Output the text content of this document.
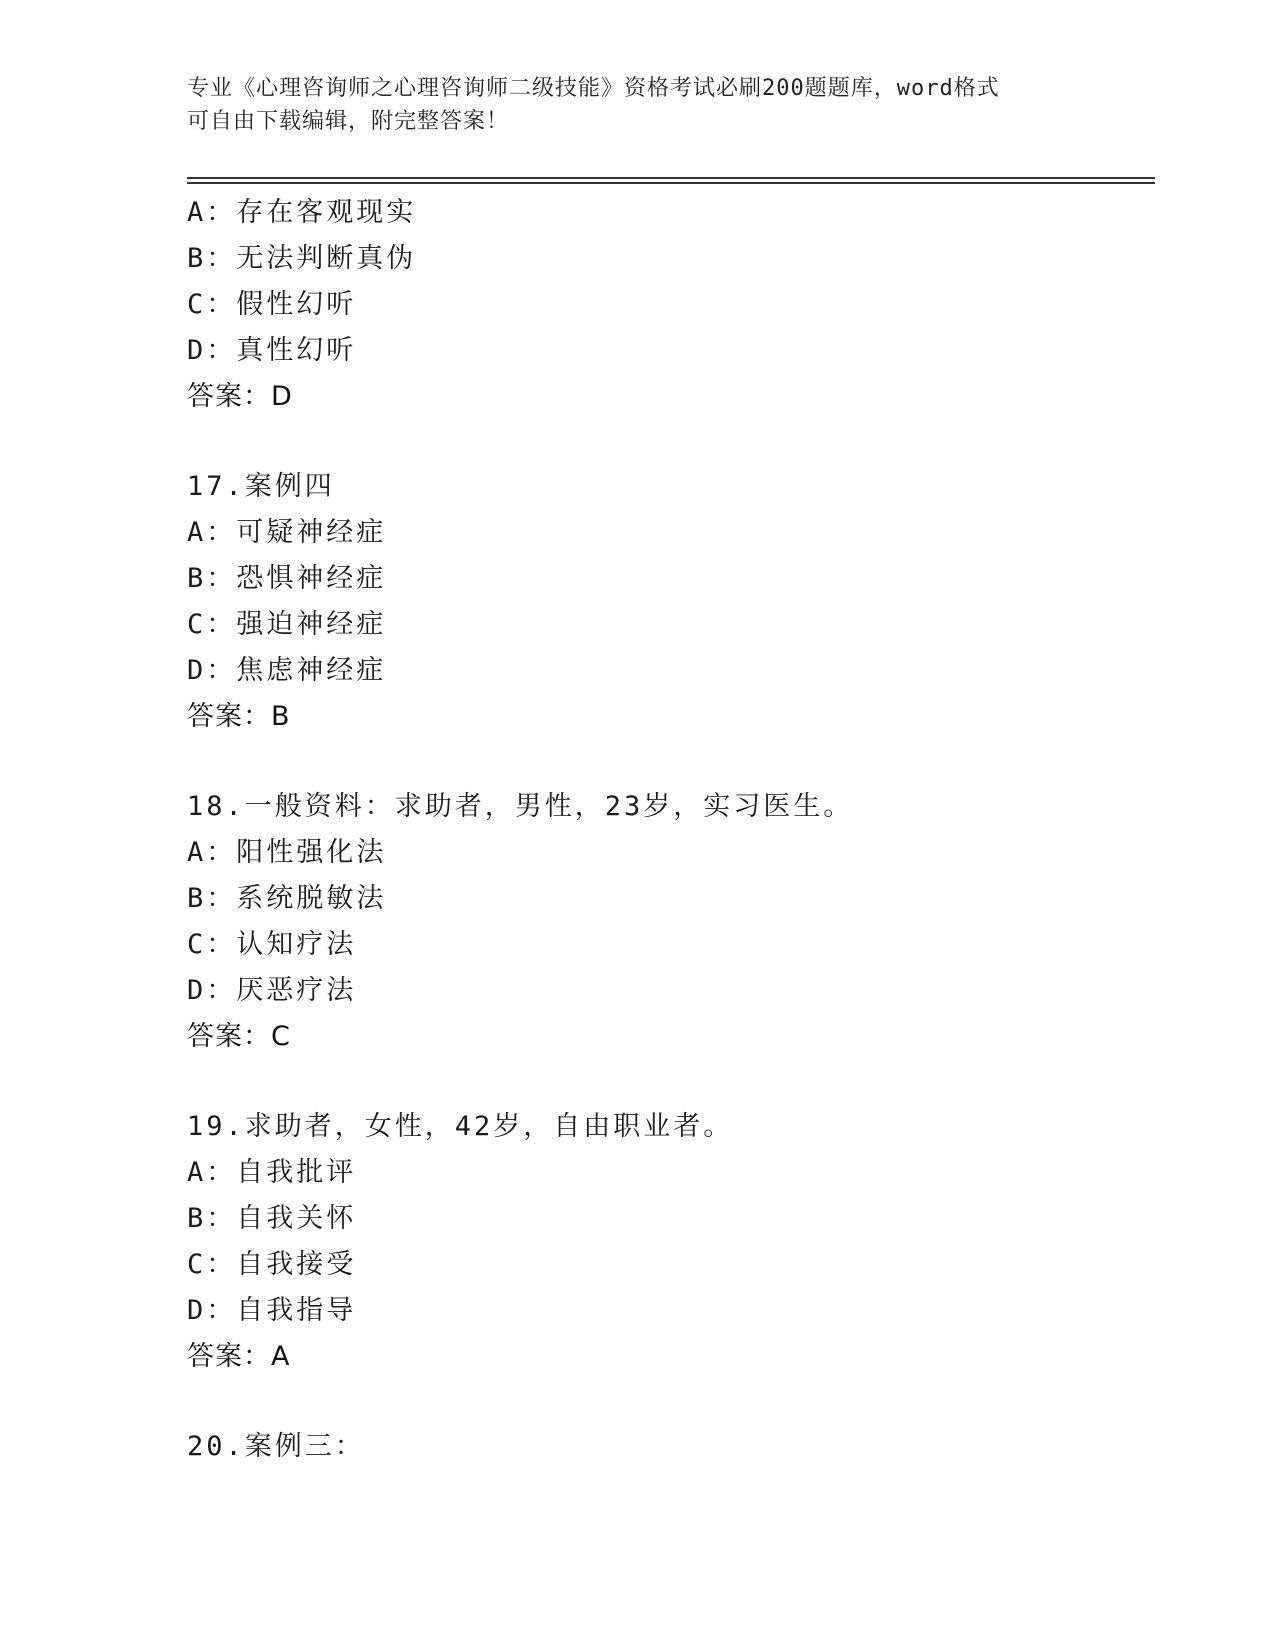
专业《心理咨询师之心理咨询师二级技能》资格考试必刷200题题库，word格式
可自由下载编辑，附完整答案！
A：存在客观现实
B：无法判断真伪
C：假性幻听
D：真性幻听
答案：D
17.案例四
A：可疑神经症
B：恐惧神经症
C：强迫神经症
D：焦虑神经症
答案：B
18.一般资料：求助者，男性，23岁，实习医生。
A：阳性强化法
B：系统脱敏法
C：认知疗法
D：厌恶疗法
答案：C
19.求助者，女性，42岁，自由职业者。
A：自我批评
B：自我关怀
C：自我接受
D：自我指导
答案：A
20.案例三：
